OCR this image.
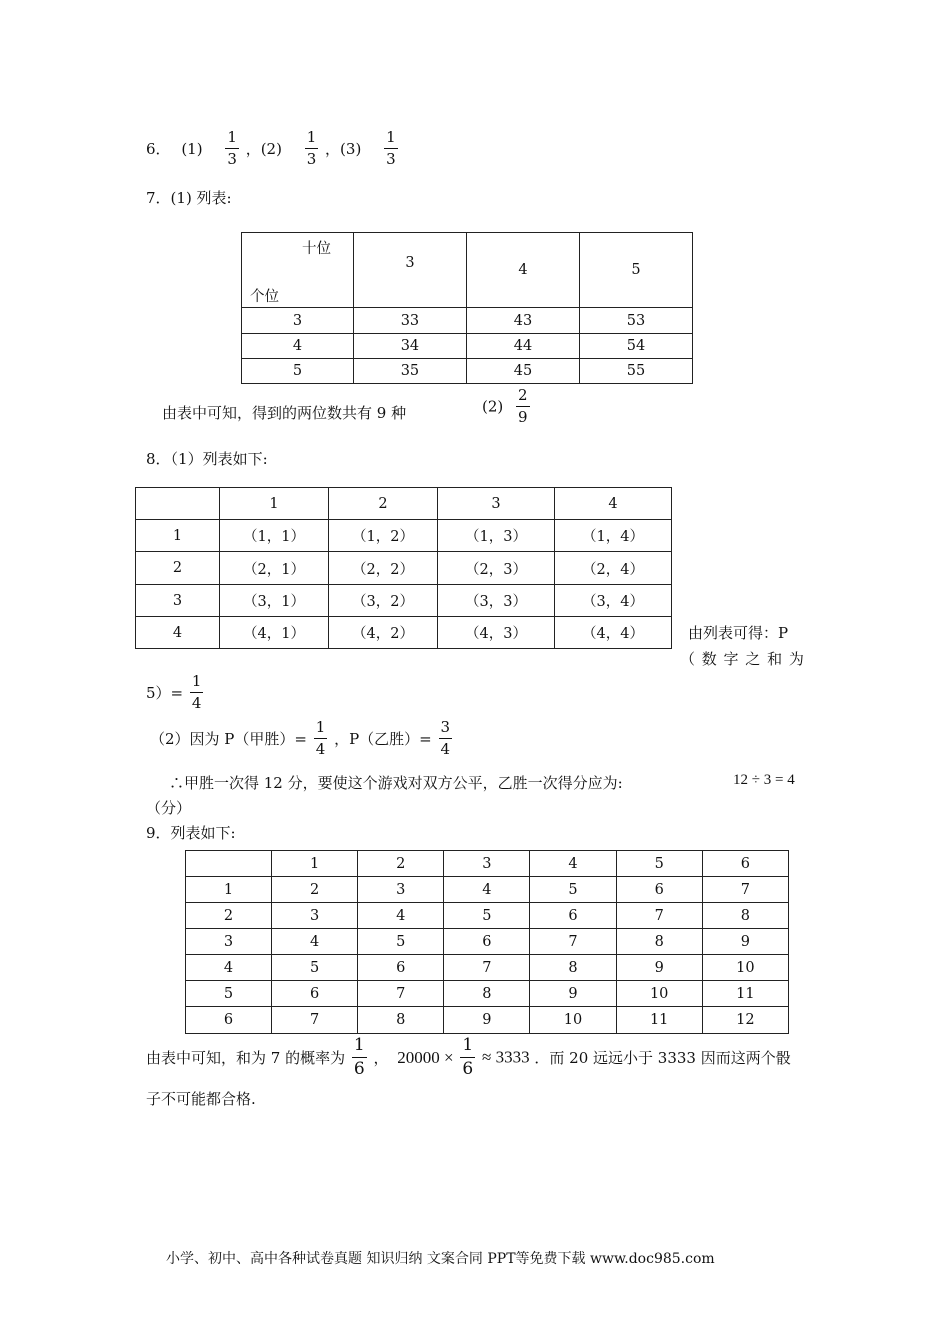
6． $(1) \frac{1}{3}$ ，$(2) \frac{1}{3}$ ，$(3) \frac{1}{3}$
7．(1) 列表:
十位
个位	3	4	5
3	33	43	53
4	34	44	54
5	35	45	55
由表中可知，得到的两位数共有 9 种	$(2) \frac{2}{9}$
8．（1）列表如下:
	1	2	3	4
1	（1，1）	（1，2）	（1，3）	（1，4）
2	（2，1）	（2，2）	（2，3）	（2，4）
3	（3，1）	（3，2）	（3，3）	（3，4）
4	（4，1）	（4，2）	（4，3）	（4，4）	由列表可得：P
（ 数 字 之 和 为
$5)= \frac{1}{4}$
（2）因为 P（甲胜）= $\frac{1}{4}$ ，P（乙胜）= $\frac{3}{4}$
∴甲胜一次得 12 分，要使这个游戏对双方公平，乙胜一次得分应为:	12 ÷ 3 = 4
（分）
9．列表如下:
	1	2	3	4	5	6
1	2	3	4	5	6	7
2	3	4	5	6	7	8
3	4	5	6	7	8	9
4	5	6	7	8	9	10
5	6	7	8	9	10	11
6	7	8	9	10	11	12
由表中可知，和为 7 的概率为 $\frac{1}{6}$ ， $20000 \times \frac{1}{6} \approx 3333$ ．而 20 远远小于 3333 因而这两个骰
子不可能都合格.
小学、初中、高中各种试卷真题 知识归纳 文案合同 PPT等免费下载 www.doc985.com
